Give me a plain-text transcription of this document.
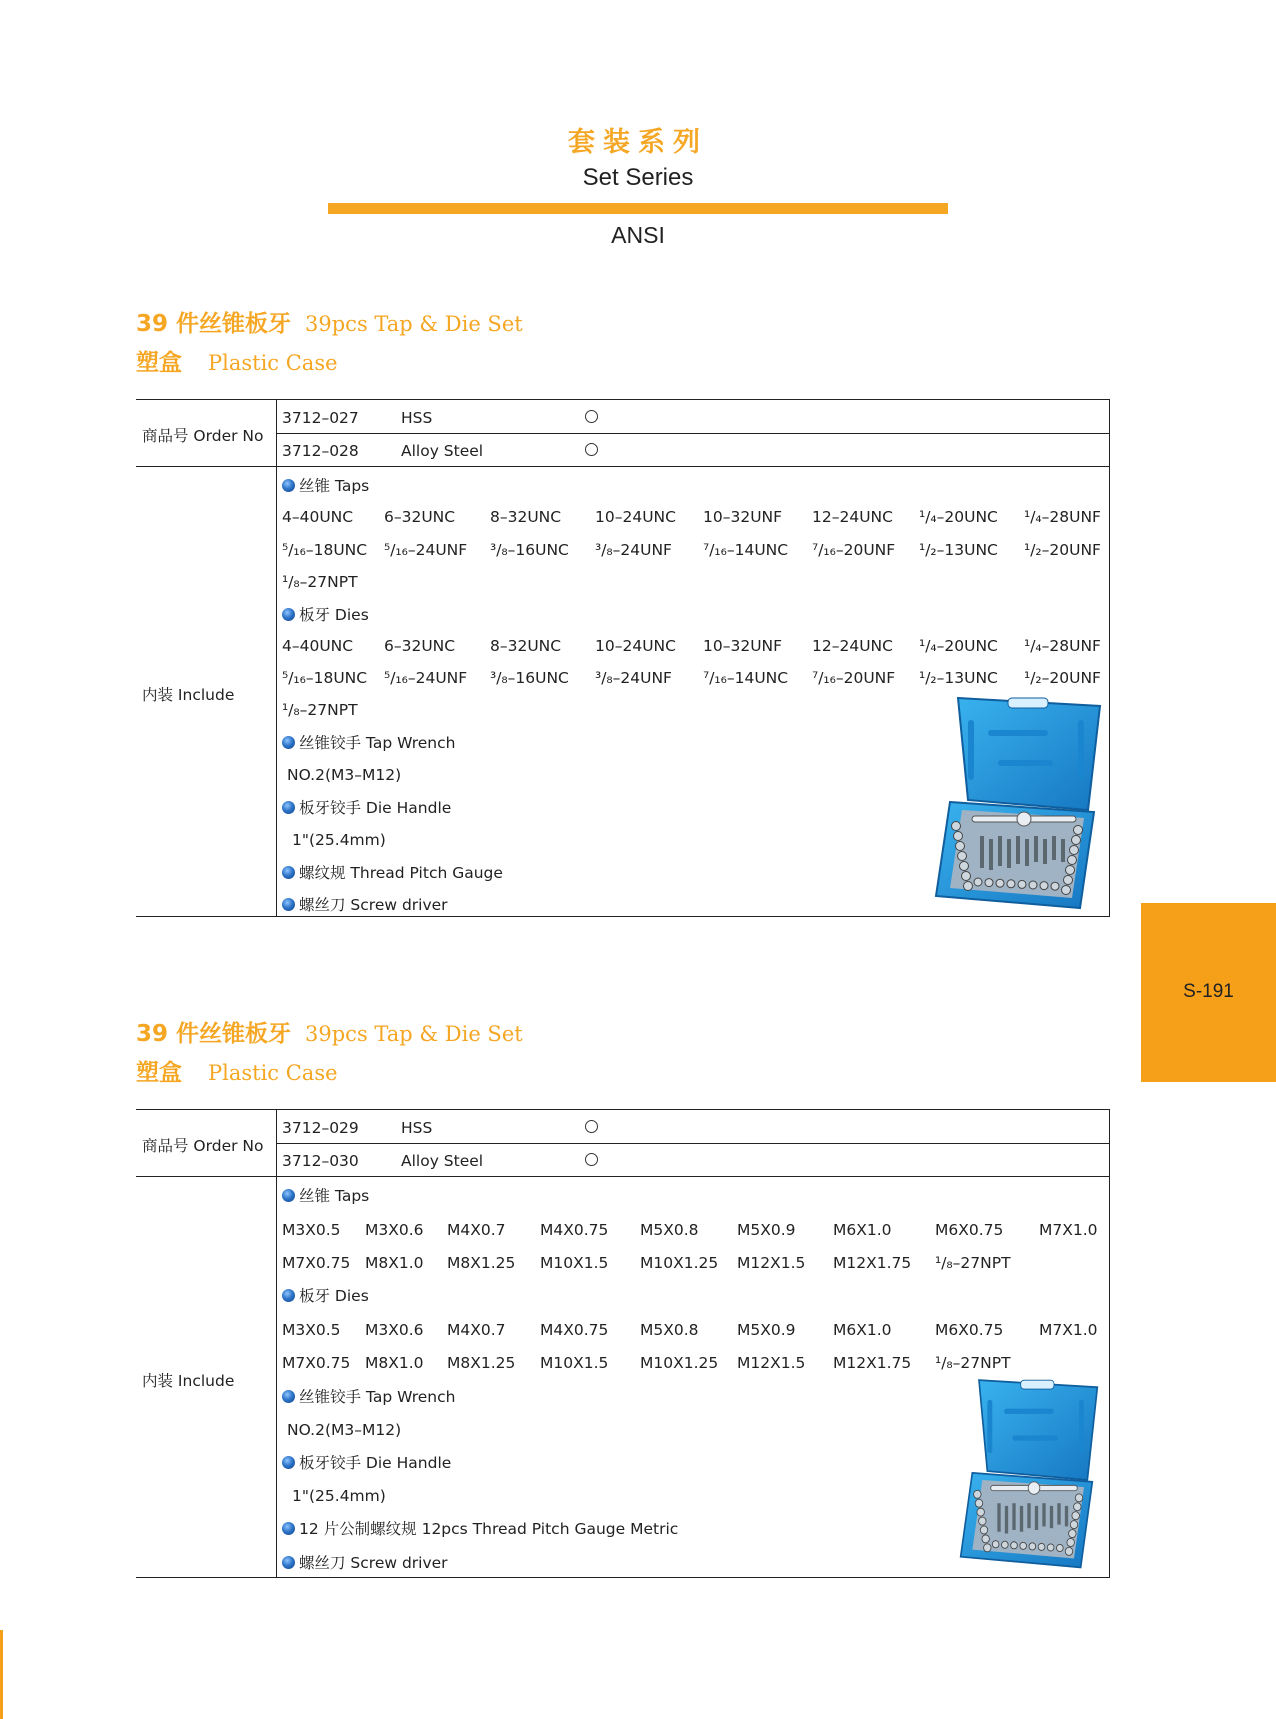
套装系列
Set Series
ANSI
S-191
39 件丝锥板牙 39pcs Tap & Die Set
塑盒 Plastic Case
商品号 Order No
内装 Include
3712–027	HSS
3712–028	Alloy Steel
丝锥 Taps
4–40UNC 6–32UNC 8–32UNC 10–24UNC 10–32UNF 12–24UNC ¹/₄–20UNC ¹/₄–28UNF
⁵/₁₆–18UNC ⁵/₁₆–24UNF ³/₈–16UNC ³/₈–24UNF ⁷/₁₆–14UNC ⁷/₁₆–20UNF ¹/₂–13UNC ¹/₂–20UNF
¹/₈–27NPT
板牙 Dies
4–40UNC 6–32UNC 8–32UNC 10–24UNC 10–32UNF 12–24UNC ¹/₄–20UNC ¹/₄–28UNF
⁵/₁₆–18UNC ⁵/₁₆–24UNF ³/₈–16UNC ³/₈–24UNF ⁷/₁₆–14UNC ⁷/₁₆–20UNF ¹/₂–13UNC ¹/₂–20UNF
¹/₈–27NPT
丝锥铰手 Tap Wrench
NO.2(M3–M12)
板牙铰手 Die Handle
1"(25.4mm)
螺纹规 Thread Pitch Gauge
螺丝刀 Screw driver
39 件丝锥板牙 39pcs Tap & Die Set
塑盒 Plastic Case
商品号 Order No
内装 Include
3712–029	HSS
3712–030	Alloy Steel
丝锥 Taps
M3X0.5 M3X0.6 M4X0.7 M4X0.75 M5X0.8 M5X0.9 M6X1.0	M6X0.75 M7X1.0
M7X0.75 M8X1.0 M8X1.25 M10X1.5 M10X1.25 M12X1.5 M12X1.75 ¹/₈–27NPT
板牙 Dies
M3X0.5 M3X0.6 M4X0.7 M4X0.75 M5X0.8 M5X0.9 M6X1.0	M6X0.75 M7X1.0
M7X0.75 M8X1.0 M8X1.25 M10X1.5 M10X1.25 M12X1.5 M12X1.75 ¹/₈–27NPT
丝锥铰手 Tap Wrench
NO.2(M3–M12)
板牙铰手 Die Handle
1"(25.4mm)
12 片公制螺纹规 12pcs Thread Pitch Gauge Metric
螺丝刀 Screw driver
